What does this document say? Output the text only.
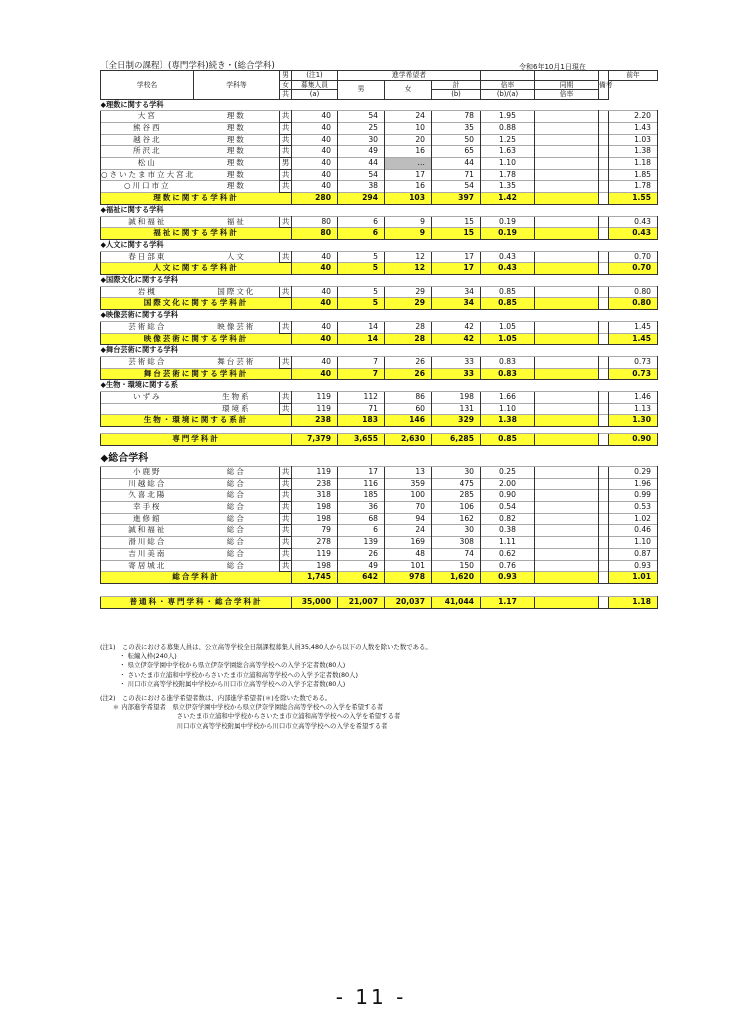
〔全日制の課程〕(専門学科)続き・(総合学科)	令和6年10月1日現在
学校名	学科等	男	(注1)	進学希望者					備考	前年
		女	募集人員	男	女	計	倍率	同期		
		共	(a)			(b)	(b)/(a)	倍率		
◆理数に関する学科										
大宮	理数	共	40	54	24	78	1.95			2.20
熊谷西	理数	共	40	25	10	35	0.88			1.43
越谷北	理数	共	40	30	20	50	1.25			1.03
所沢北	理数	共	40	49	16	65	1.63			1.38
松山	理数	男	40	44	…	44	1.10			1.18
○さいたま市立大宮北	理数	共	40	54	17	71	1.78			1.85
○川口市立	理数	共	40	38	16	54	1.35			1.78
理数に関する学科計			280	294	103	397	1.42			1.55
◆福祉に関する学科										
誠和福祉	福祉	共	80	6	9	15	0.19			0.43
福祉に関する学科計			80	6	9	15	0.19			0.43
◆人文に関する学科										
春日部東	人文	共	40	5	12	17	0.43			0.70
人文に関する学科計			40	5	12	17	0.43			0.70
◆国際文化に関する学科										
岩槻	国際文化	共	40	5	29	34	0.85			0.80
国際文化に関する学科計			40	5	29	34	0.85			0.80
◆映像芸術に関する学科										
芸術総合	映像芸術	共	40	14	28	42	1.05			1.45
映像芸術に関する学科計			40	14	28	42	1.05			1.45
◆舞台芸術に関する学科										
芸術総合	舞台芸術	共	40	7	26	33	0.83			0.73
舞台芸術に関する学科計			40	7	26	33	0.83			0.73
◆生物・環境に関する系										
いずみ	生物系	共	119	112	86	198	1.66			1.46
	環境系	共	119	71	60	131	1.10			1.13
生物・環境に関する系計			238	183	146	329	1.38			1.30

専門学科計			7,379	3,655	2,630	6,285	0.85			0.90

◆総合学科										
小鹿野	総合	共	119	17	13	30	0.25			0.29
川越総合	総合	共	238	116	359	475	2.00			1.96
久喜北陽	総合	共	318	185	100	285	0.90			0.99
幸手桜	総合	共	198	36	70	106	0.54			0.53
進修館	総合	共	198	68	94	162	0.82			1.02
誠和福祉	総合	共	79	6	24	30	0.38			0.46
滑川総合	総合	共	278	139	169	308	1.11			1.10
吉川美南	総合	共	119	26	48	74	0.62			0.87
寄居城北	総合	共	198	49	101	150	0.76			0.93
総合学科計			1,745	642	978	1,620	0.93			1.01

普通科・専門学科・総合学科計			35,000	21,007	20,037	41,044	1.17			1.18

(注1)　この表における募集人員は、公立高等学校全日制課程募集人員35,480人から以下の人数を除いた数である。

　　　・ 転編入枠(240人)

　　　・ 県立伊奈学園中学校から県立伊奈学園総合高等学校への入学予定者数(80人)

　　　・ さいたま市立浦和中学校からさいたま市立浦和高等学校への入学予定者数(80人)

　　　・ 川口市立高等学校附属中学校から川口市立高等学校への入学予定者数(80人)

(注2)　この表における進学希望者数は、内部進学希望者(＊)を除いた数である。

　　＊ 内部進学希望者　県立伊奈学園中学校から県立伊奈学園総合高等学校への入学を希望する者

　　　　　　　　　　　　さいたま市立浦和中学校からさいたま市立浦和高等学校への入学を希望する者

　　　　　　　　　　　　川口市立高等学校附属中学校から川口市立高等学校への入学を希望する者

- 11 -
